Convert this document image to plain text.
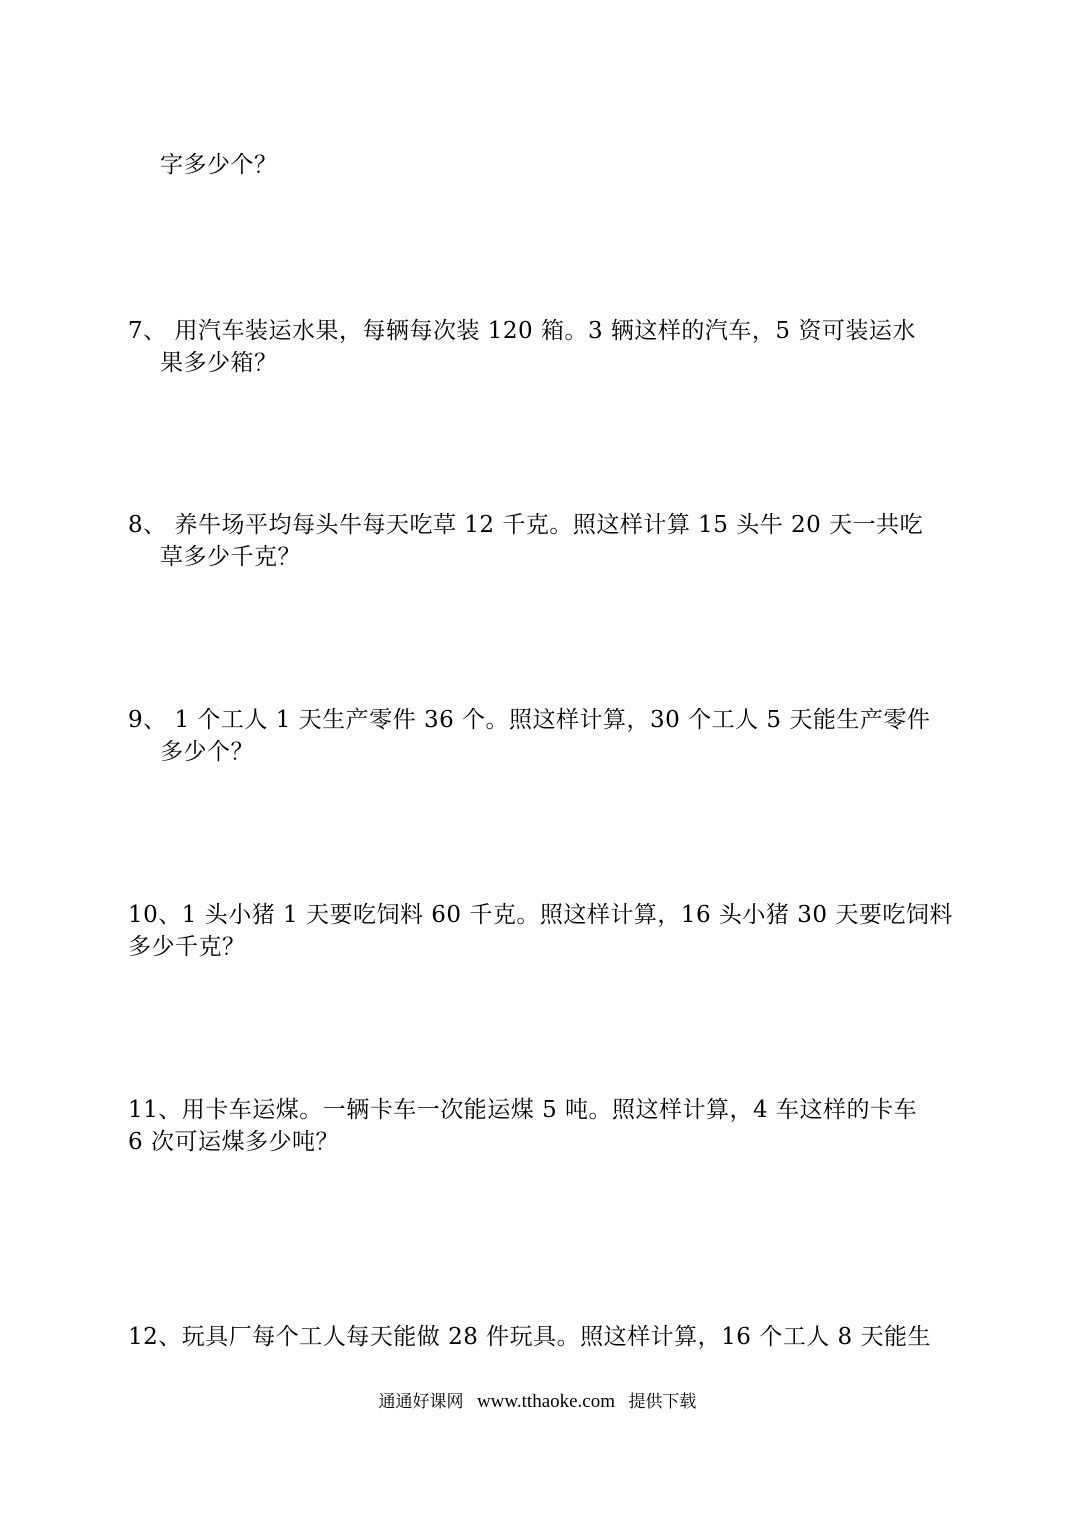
字多少个？
7、 用汽车装运水果，每辆每次装 120 箱。3 辆这样的汽车，5 资可装运水
果多少箱？
8、 养牛场平均每头牛每天吃草 12 千克。照这样计算 15 头牛 20 天一共吃
草多少千克？
9、 1 个工人 1 天生产零件 36 个。照这样计算，30 个工人 5 天能生产零件
多少个？
10、1 头小猪 1 天要吃饲料 60 千克。照这样计算，16 头小猪 30 天要吃饲料
多少千克？
11、用卡车运煤。一辆卡车一次能运煤 5 吨。照这样计算，4 车这样的卡车
6 次可运煤多少吨？
12、玩具厂每个工人每天能做 28 件玩具。照这样计算，16 个工人 8 天能生
通通好课网 www.tthaoke.com 提供下载
